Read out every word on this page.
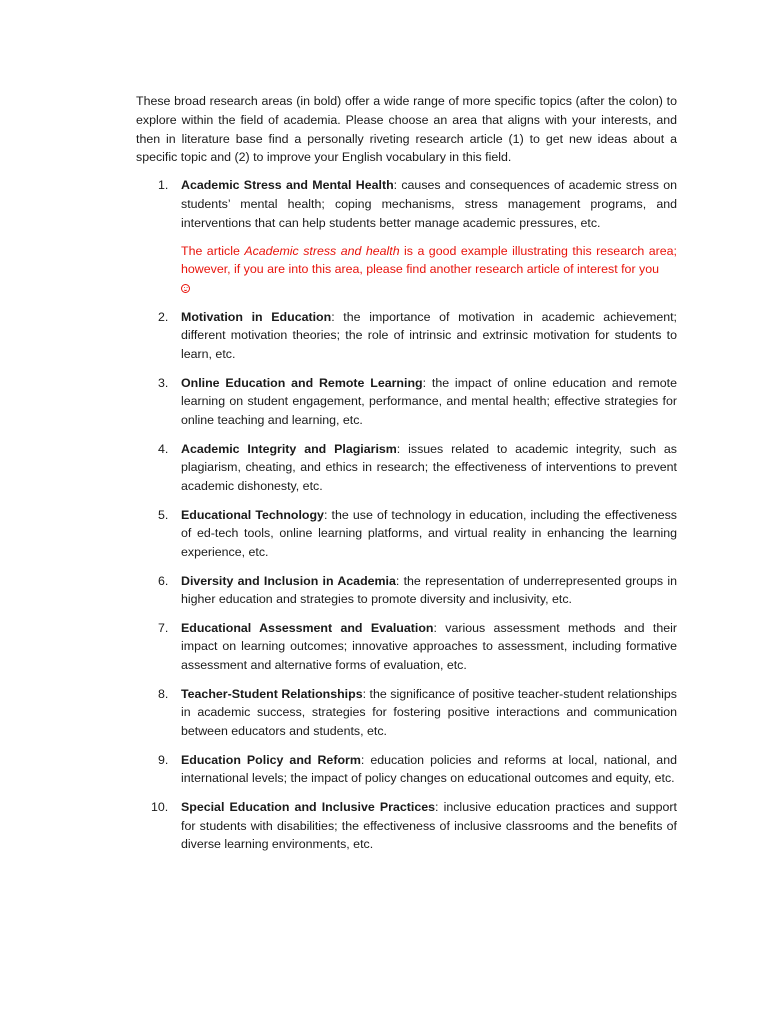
These broad research areas (in bold) offer a wide range of more specific topics (after the colon) to explore within the field of academia. Please choose an area that aligns with your interests, and then in literature base find a personally riveting research article (1) to get new ideas about a specific topic and (2) to improve your English vocabulary in this field.

1. Academic Stress and Mental Health: causes and consequences of academic stress on students’ mental health; coping mechanisms, stress management programs, and interventions that can help students better manage academic pressures, etc.

The article Academic stress and health is a good example illustrating this research area; however, if you are into this area, please find another research article of interest for you

2. Motivation in Education: the importance of motivation in academic achievement; different motivation theories; the role of intrinsic and extrinsic motivation for students to learn, etc.
3. Online Education and Remote Learning: the impact of online education and remote learning on student engagement, performance, and mental health; effective strategies for online teaching and learning, etc.
4. Academic Integrity and Plagiarism: issues related to academic integrity, such as plagiarism, cheating, and ethics in research; the effectiveness of interventions to prevent academic dishonesty, etc.
5. Educational Technology: the use of technology in education, including the effectiveness of ed-tech tools, online learning platforms, and virtual reality in enhancing the learning experience, etc.
6. Diversity and Inclusion in Academia: the representation of underrepresented groups in higher education and strategies to promote diversity and inclusivity, etc.
7. Educational Assessment and Evaluation: various assessment methods and their impact on learning outcomes; innovative approaches to assessment, including formative assessment and alternative forms of evaluation, etc.
8. Teacher-Student Relationships: the significance of positive teacher-student relationships in academic success, strategies for fostering positive interactions and communication between educators and students, etc.
9. Education Policy and Reform: education policies and reforms at local, national, and international levels; the impact of policy changes on educational outcomes and equity, etc.
10. Special Education and Inclusive Practices: inclusive education practices and support for students with disabilities; the effectiveness of inclusive classrooms and the benefits of diverse learning environments, etc.
